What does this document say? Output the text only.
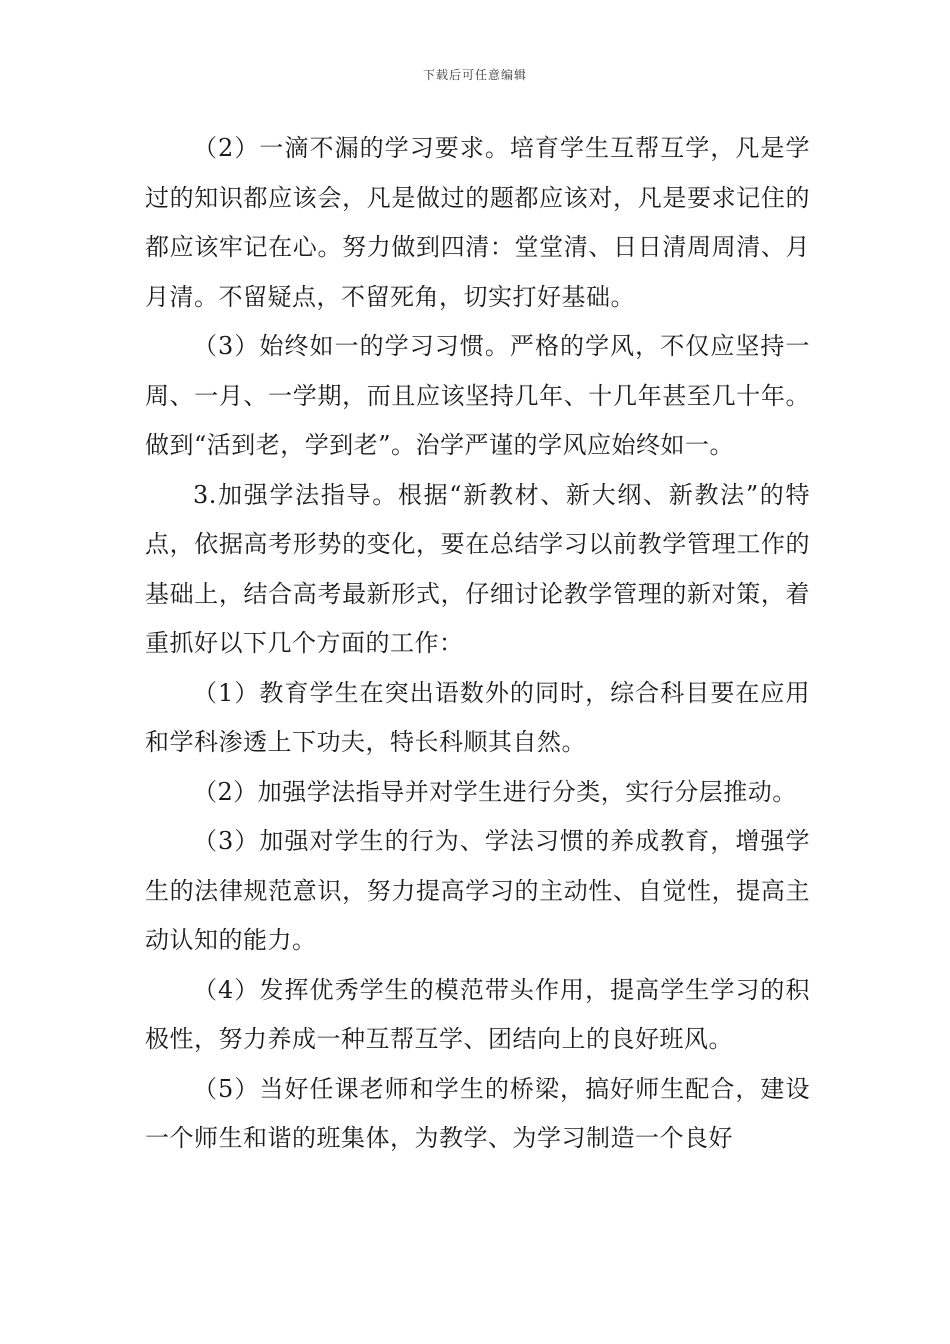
下载后可任意编辑

（2）一滴不漏的学习要求。培育学生互帮互学，凡是学过的知识都应该会，凡是做过的题都应该对，凡是要求记住的都应该牢记在心。努力做到四清：堂堂清、日日清周周清、月月清。不留疑点，不留死角，切实打好基础。

（3）始终如一的学习习惯。严格的学风，不仅应坚持一周、一月、一学期，而且应该坚持几年、十几年甚至几十年。做到“活到老，学到老”。治学严谨的学风应始终如一。

3.加强学法指导。根据“新教材、新大纲、新教法”的特点，依据高考形势的变化，要在总结学习以前教学管理工作的基础上，结合高考最新形式，仔细讨论教学管理的新对策，着重抓好以下几个方面的工作：

（1）教育学生在突出语数外的同时，综合科目要在应用和学科渗透上下功夫，特长科顺其自然。

（2）加强学法指导并对学生进行分类，实行分层推动。

（3）加强对学生的行为、学法习惯的养成教育，增强学生的法律规范意识，努力提高学习的主动性、自觉性，提高主动认知的能力。

（4）发挥优秀学生的模范带头作用，提高学生学习的积极性，努力养成一种互帮互学、团结向上的良好班风。

（5）当好任课老师和学生的桥梁，搞好师生配合，建设一个师生和谐的班集体，为教学、为学习制造一个良好
